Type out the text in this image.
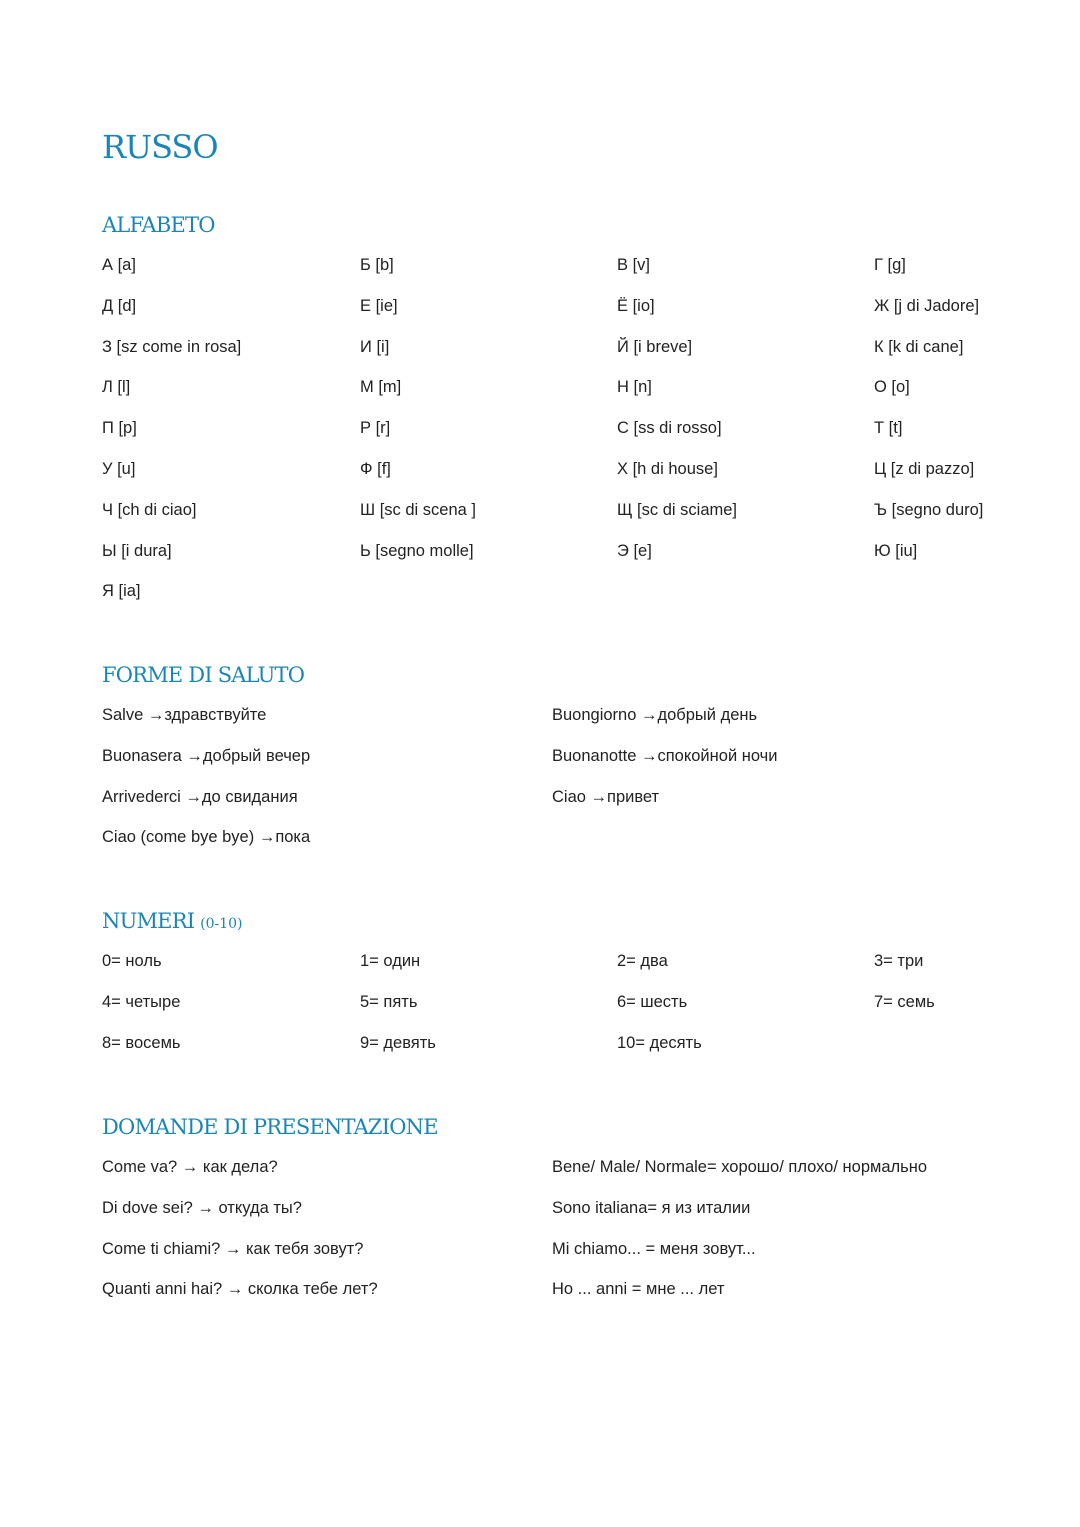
RUSSO
ALFABETO
А [a]	Б [b]	В [v]	Г [g]
Д [d]	Е [ie]	Ё [io]	Ж [j di Jadore]
З [sz come in rosa]	И [i]	Й [i breve]	К [k di cane]
Л [l]	М [m]	Н [n]	О [o]
П [p]	Р [r]	С [ss di rosso]	Т [t]
У [u]	Ф [f]	Х [h di house]	Ц [z di pazzo]
Ч [ch di ciao]	Ш [sc di scena ]	Щ [sc di sciame]	Ъ [segno duro]
Ы [i dura]	Ь [segno molle]	Э [e]	Ю [iu]
Я [ia]
FORME DI SALUTO
Salve →здравствуйте	Buongiorno →добрый день
Buonasera →добрый вечер	Buonanotte →спокойной ночи
Arrivederci →до свидания	Ciao →привет
Ciao (come bye bye) →пока
NUMERI (0-10)
0= ноль	1= один	2= два	3= три
4= четыре	5= пять	6= шесть	7= семь
8= восемь	9= девять	10= десять
DOMANDE DI PRESENTAZIONE
Come va? → как дела?	Bene/ Male/ Normale= хорошо/ плохо/ нормально
Di dove sei? → откуда ты?	Sono italiana= я из италии
Come ti chiami? → как тебя зовут?	Mi chiamo... = меня зовут...
Quanti anni hai? → сколка тебе лет?	Ho ... anni = мне ... лет
